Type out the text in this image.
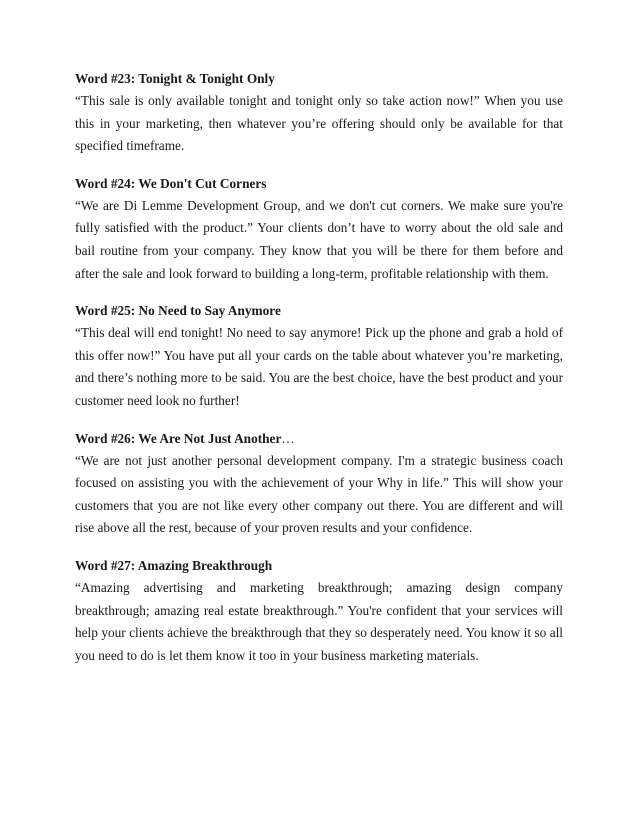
Word #23: Tonight & Tonight Only

“This sale is only available tonight and tonight only so take action now!” When you use this in your marketing, then whatever you’re offering should only be available for that specified timeframe.

Word #24: We Don't Cut Corners

“We are Di Lemme Development Group, and we don't cut corners. We make sure you're fully satisfied with the product.” Your clients don’t have to worry about the old sale and bail routine from your company. They know that you will be there for them before and after the sale and look forward to building a long-term, profitable relationship with them.

Word #25: No Need to Say Anymore

“This deal will end tonight! No need to say anymore! Pick up the phone and grab a hold of this offer now!” You have put all your cards on the table about whatever you’re marketing, and there’s nothing more to be said. You are the best choice, have the best product and your customer need look no further!

Word #26: We Are Not Just Another…

“We are not just another personal development company. I'm a strategic business coach focused on assisting you with the achievement of your Why in life.” This will show your customers that you are not like every other company out there. You are different and will rise above all the rest, because of your proven results and your confidence.

Word #27: Amazing Breakthrough

“Amazing advertising and marketing breakthrough; amazing design company breakthrough; amazing real estate breakthrough.” You're confident that your services will help your clients achieve the breakthrough that they so desperately need. You know it so all you need to do is let them know it too in your business marketing materials.
